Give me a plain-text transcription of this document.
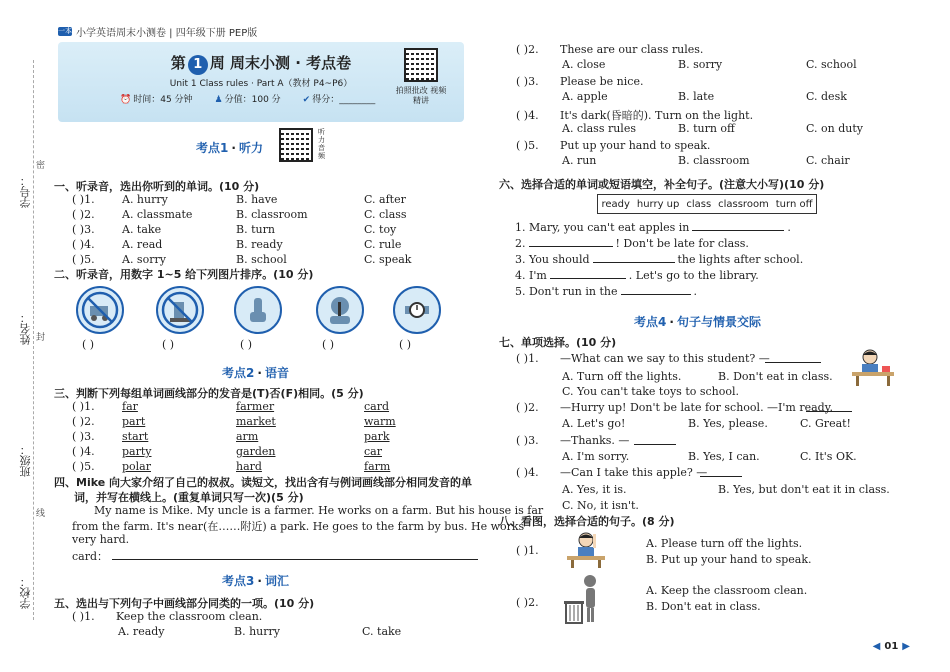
一本 小学英语周末小测卷 | 四年级下册 PEP版
学号：
姓名：
班级：
学校：
密
封
线
第 1 周 周末小测 · 考点卷
Unit 1 Class rules · Part A（教材 P4~P6）
⏰ 时间：45 分钟 ♟ 分值：100 分 ✔ 得分：________
拍照批改 视频精讲
考点1 · 听力
听力音频
一、听录音，选出你听到的单词。(10 分)
( )1. A. hurry	B. have	C. after
( )2. A. classmate	B. classroom	C. class
( )3. A. take	B. turn	C. toy
( )4. A. read	B. ready	C. rule
( )5. A. sorry	B. school	C. speak
二、听录音，用数字 1~5 给下列图片排序。(10 分)
( )	( )	( )	( )	( )
考点2 · 语音
三、判断下列每组单词画线部分的发音是(T)否(F)相同。(5 分)
( )1. far	farmer	card
( )2. part	market	warm
( )3. start	arm	park
( )4. party	garden	car
( )5. polar	hard	farm
四、Mike 向大家介绍了自己的叔叔。读短文，找出含有与例词画线部分相同发音的单
词，并写在横线上。(重复单词只写一次)(5 分)
My name is Mike. My uncle is a farmer. He works on a farm. But his house is far
from the farm. It's near(在……附近) a park. He goes to the farm by bus. He works
very hard.
card：
考点3 · 词汇
五、选出与下列句子中画线部分同类的一项。(10 分)
( )1. Keep the classroom clean.
A. ready	B. hurry	C. take
( )2. These are our class rules.
A. close	B. sorry	C. school
( )3. Please be nice.
A. apple	B. late	C. desk
( )4. It's dark(昏暗的). Turn on the light.
A. class rules	B. turn off	C. on duty
( )5. Put up your hand to speak.
A. run	B. classroom	C. chair
六、选择合适的单词或短语填空，补全句子。(注意大小写)(10 分)
ready hurry up class classroom turn off
1. Mary, you can't eat apples in	.
2.	! Don't be late for class.
3. You should	the lights after school.
4. I'm	. Let's go to the library.
5. Don't run in the	.
考点4 · 句子与情景交际
七、单项选择。(10 分)
( )1. —What can we say to this student? —
A. Turn off the lights.	B. Don't eat in class.
C. You can't take toys to school.
( )2. —Hurry up! Don't be late for school. —I'm ready.
A. Let's go!	B. Yes, please.	C. Great!
( )3. —Thanks. —
A. I'm sorry.	B. Yes, I can.	C. It's OK.
( )4. —Can I take this apple? —
A. Yes, it is.	B. Yes, but don't eat it in class.
C. No, it isn't.
八、看图，选择合适的句子。(8 分)
( )1.
A. Please turn off the lights.
B. Put up your hand to speak.
( )2.
A. Keep the classroom clean.
B. Don't eat in class.
◀ 01 ▶
